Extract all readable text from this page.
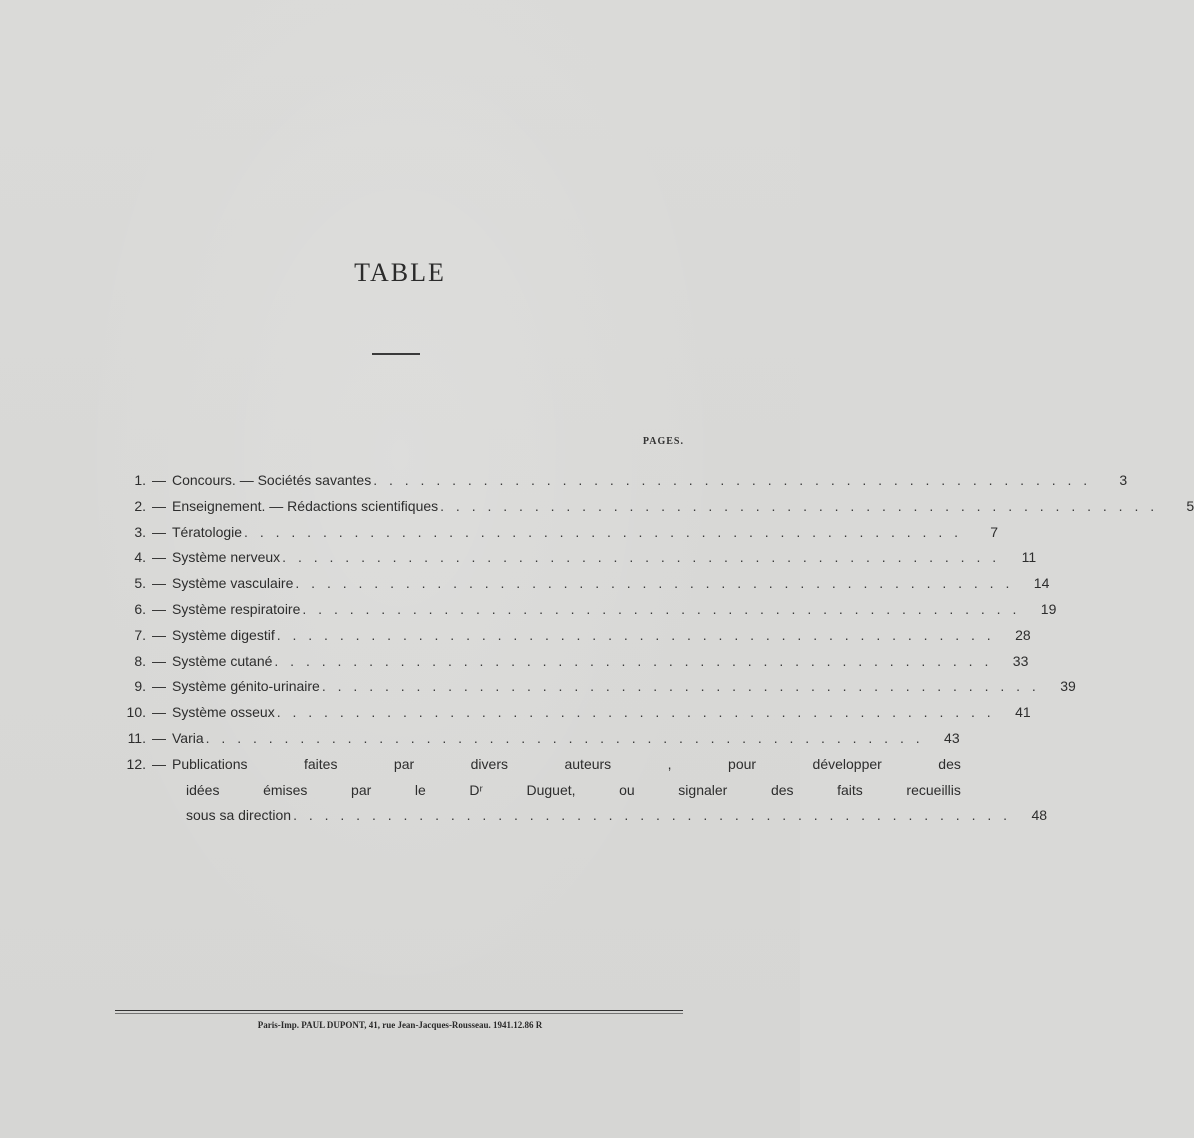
TABLE
PAGES.
1. — Concours. — Sociétés savantes . . . . . . . . . . . . . . . . . . . . . . . . . . . . . . . . . . . . . . . . . . . . . .	3
2. — Enseignement. — Rédactions scientifiques . . . . . . . . . . . . . . . . . . . . . . . . . . . . . . . . . . . . . . . . . . . . . .	5
3. — Tératologie . . . . . . . . . . . . . . . . . . . . . . . . . . . . . . . . . . . . . . . . . . . . . .	7
4. — Système nerveux . . . . . . . . . . . . . . . . . . . . . . . . . . . . . . . . . . . . . . . . . . . . . .	11
5. — Système vasculaire . . . . . . . . . . . . . . . . . . . . . . . . . . . . . . . . . . . . . . . . . . . . . .	14
6. — Système respiratoire . . . . . . . . . . . . . . . . . . . . . . . . . . . . . . . . . . . . . . . . . . . . . .	19
7. — Système digestif . . . . . . . . . . . . . . . . . . . . . . . . . . . . . . . . . . . . . . . . . . . . . .	28
8. — Système cutané . . . . . . . . . . . . . . . . . . . . . . . . . . . . . . . . . . . . . . . . . . . . . .	33
9. — Système génito-urinaire . . . . . . . . . . . . . . . . . . . . . . . . . . . . . . . . . . . . . . . . . . . . . .	39
10. — Système osseux . . . . . . . . . . . . . . . . . . . . . . . . . . . . . . . . . . . . . . . . . . . . . .	41
11. — Varia . . . . . . . . . . . . . . . . . . . . . . . . . . . . . . . . . . . . . . . . . . . . . .	43
12. — Publications faites par divers auteurs , pour développer des
idées émises par le Dʳ Duguet, ou signaler des faits recueillis
sous sa direction . . . . . . . . . . . . . . . . . . . . . . . . . . . . . . . . . . . . . . . . . . . . . .	48
Paris-Imp. PAUL DUPONT, 41, rue Jean-Jacques-Rousseau. 1941.12.86 R
